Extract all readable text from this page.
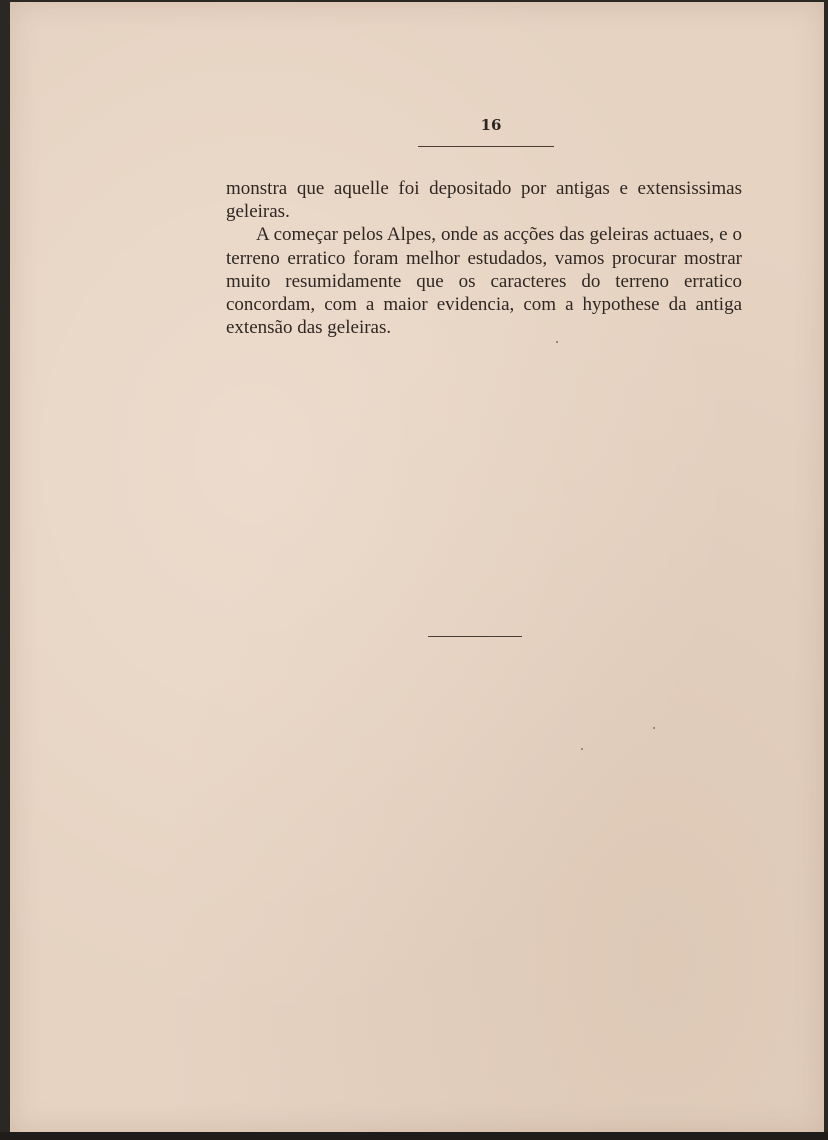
16

monstra que aquelle foi depositado por antigas e extensissimas geleiras.

A começar pelos Alpes, onde as acções das geleiras actuaes, e o terreno erratico foram melhor estudados, vamos procurar mostrar muito resumidamente que os caracteres do terreno erratico concordam, com a maior evidencia, com a hypothese da antiga extensão das geleiras.
